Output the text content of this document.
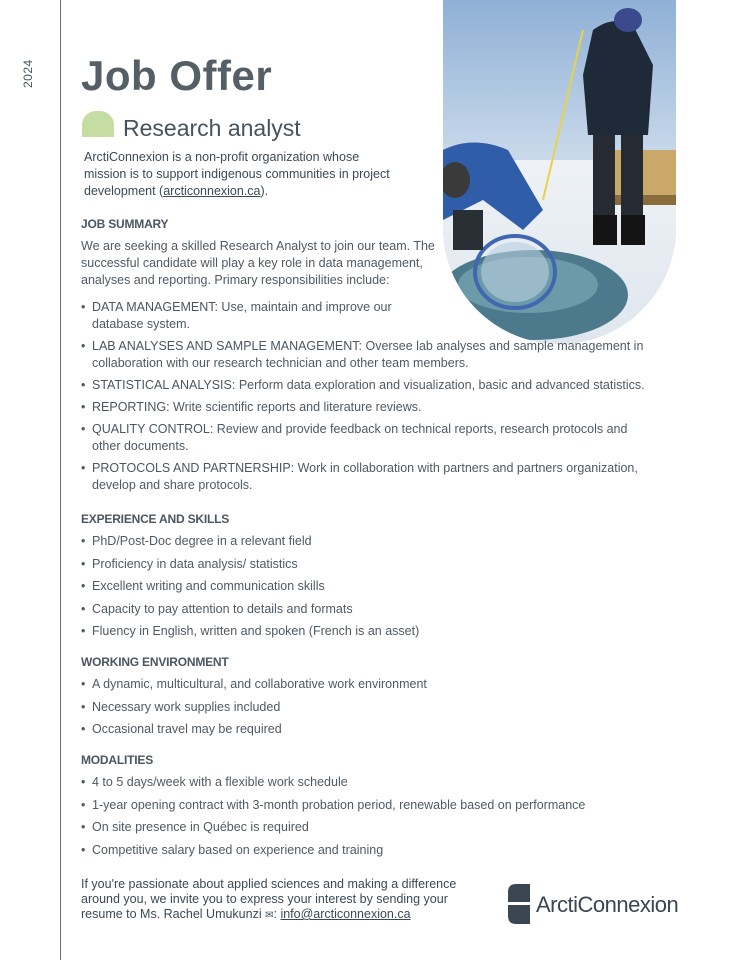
2024 Job Offer
Research analyst
ArctiConnexion is a non-profit organization whose mission is to support indigenous communities in project development (arcticonnexion.ca).
JOB SUMMARY
We are seeking a skilled Research Analyst to join our team. The successful candidate will play a key role in data management, analyses and reporting. Primary responsibilities include:
• DATA MANAGEMENT: Use, maintain and improve our database system.
• LAB ANALYSES AND SAMPLE MANAGEMENT: Oversee lab analyses and sample management in collaboration with our research technician and other team members.
• STATISTICAL ANALYSIS: Perform data exploration and visualization, basic and advanced statistics.
• REPORTING: Write scientific reports and literature reviews.
• QUALITY CONTROL: Review and provide feedback on technical reports, research protocols and other documents.
• PROTOCOLS AND PARTNERSHIP: Work in collaboration with partners and partners organization, develop and share protocols.
EXPERIENCE AND SKILLS
• PhD/Post-Doc degree in a relevant field
• Proficiency in data analysis/ statistics
• Excellent writing and communication skills
• Capacity to pay attention to details and formats
• Fluency in English, written and spoken (French is an asset)
WORKING ENVIRONMENT
• A dynamic, multicultural, and collaborative work environment
• Necessary work supplies included
• Occasional travel may be required
MODALITIES
• 4 to 5 days/week with a flexible work schedule
• 1-year opening contract with 3-month probation period, renewable based on performance
• On site presence in Québec is required
• Competitive salary based on experience and training
If you're passionate about applied sciences and making a difference around you, we invite you to express your interest by sending your resume to Ms. Rachel Umukunzi ✉: info@arcticonnexion.ca	ArctiConnexion
